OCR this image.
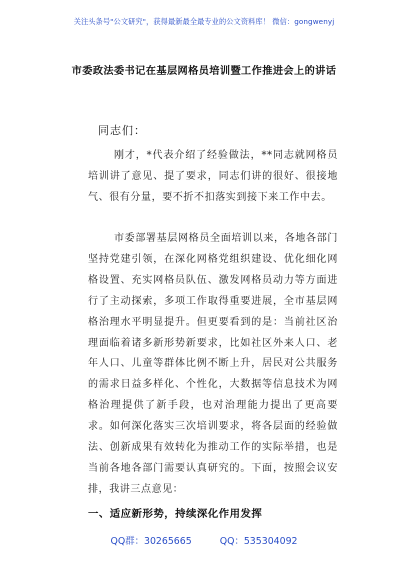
关注头条号"公文研究"，获得最新最全最专业的公文资料库！ 微信：gongwenyj
市委政法委书记在基层网格员培训暨工作推进会上的讲话
同志们：
刚才，*代表介绍了经验做法，**同志就网格员培训讲了意见、提了要求，同志们讲的很好、很接地气、很有分量，要不折不扣落实到接下来工作中去。
市委部署基层网格员全面培训以来，各地各部门坚持党建引领，在深化网格党组织建设、优化细化网格设置、充实网格员队伍、激发网格员动力等方面进行了主动探索，多项工作取得重要进展，全市基层网格治理水平明显提升。但更要看到的是：当前社区治理面临着诸多新形势新要求，比如社区外来人口、老年人口、儿童等群体比例不断上升，居民对公共服务的需求日益多样化、个性化，大数据等信息技术为网格治理提供了新手段，也对治理能力提出了更高要求。如何深化落实三次培训要求，将各层面的经验做法、创新成果有效转化为推动工作的实际举措，也是当前各地各部门需要认真研究的。下面，按照会议安排，我讲三点意见：
一、适应新形势，持续深化作用发挥
QQ群：30265665	QQ：535304092
